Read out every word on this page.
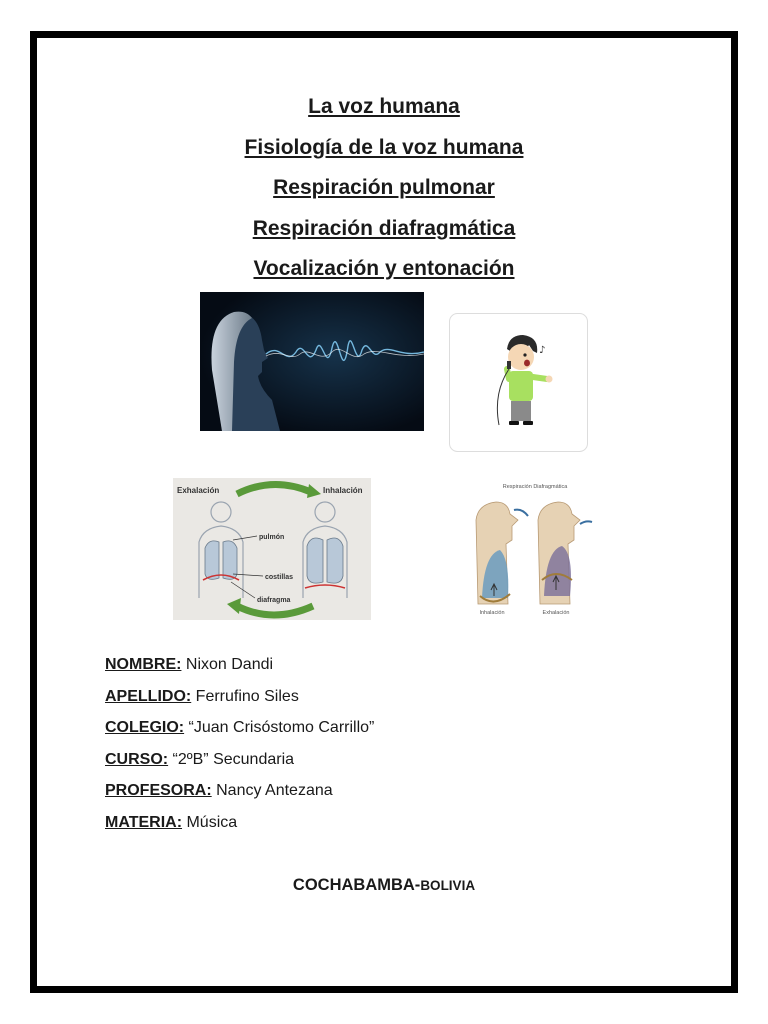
La voz humana
Fisiología de la voz humana
Respiración pulmonar
Respiración diafragmática
Vocalización y entonación
♪
Exhalación	Inhalación
pulmón
costillas
diafragma
Respiración Diafragmática
Inhalación	Exhalación
NOMBRE: Nixon Dandi
APELLIDO: Ferrufino Siles
COLEGIO: “Juan Crisóstomo Carrillo”
CURSO: “2ºB” Secundaria
PROFESORA: Nancy Antezana
MATERIA: Música
COCHABAMBA-BOLIVIA
